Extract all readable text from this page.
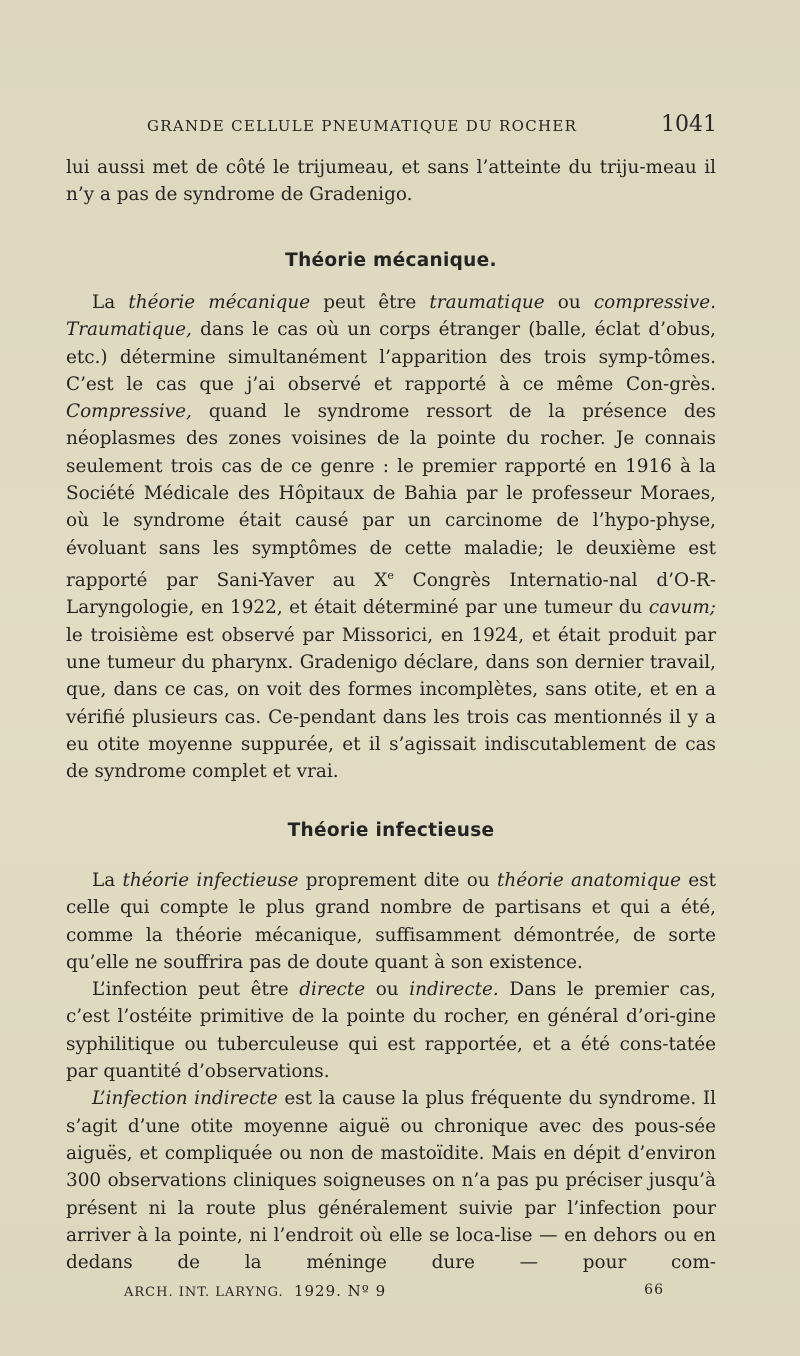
GRANDE CELLULE PNEUMATIQUE DU ROCHER	1041

lui aussi met de côté le trijumeau, et sans l’atteinte du triju-meau il n’y a pas de syndrome de Gradenigo.

Théorie mécanique.

La théorie mécanique peut être traumatique ou compressive. Traumatique, dans le cas où un corps étranger (balle, éclat d’obus, etc.) détermine simultanément l’apparition des trois symp-tômes. C’est le cas que j’ai observé et rapporté à ce même Con-grès. Compressive, quand le syndrome ressort de la présence des néoplasmes des zones voisines de la pointe du rocher. Je connais seulement trois cas de ce genre : le premier rapporté en 1916 à la Société Médicale des Hôpitaux de Bahia par le professeur Moraes, où le syndrome était causé par un carcinome de l’hypo-physe, évoluant sans les symptômes de cette maladie; le deuxième est rapporté par Sani-Yaver au Xe Congrès Internatio-nal d’O-R-Laryngologie, en 1922, et était déterminé par une tumeur du cavum; le troisième est observé par Missorici, en 1924, et était produit par une tumeur du pharynx. Gradenigo déclare, dans son dernier travail, que, dans ce cas, on voit des formes incomplètes, sans otite, et en a vérifié plusieurs cas. Ce-pendant dans les trois cas mentionnés il y a eu otite moyenne suppurée, et il s’agissait indiscutablement de cas de syndrome complet et vrai.

Théorie infectieuse

La théorie infectieuse proprement dite ou théorie anatomique est celle qui compte le plus grand nombre de partisans et qui a été, comme la théorie mécanique, suffisamment démontrée, de sorte qu’elle ne souffrira pas de doute quant à son existence.

L’infection peut être directe ou indirecte. Dans le premier cas, c’est l’ostéite primitive de la pointe du rocher, en général d’ori-gine syphilitique ou tuberculeuse qui est rapportée, et a été cons-tatée par quantité d’observations.

L’infection indirecte est la cause la plus fréquente du syndrome. Il s’agit d’une otite moyenne aiguë ou chronique avec des pous-sée aiguës, et compliquée ou non de mastoïdite. Mais en dépit d’environ 300 observations cliniques soigneuses on n’a pas pu préciser jusqu’à présent ni la route plus généralement suivie par l’infection pour arriver à la pointe, ni l’endroit où elle se loca-lise — en dehors ou en dedans de la méninge dure — pour com-

ARCH. INT. LARYNG. 1929. Nº 9	66
